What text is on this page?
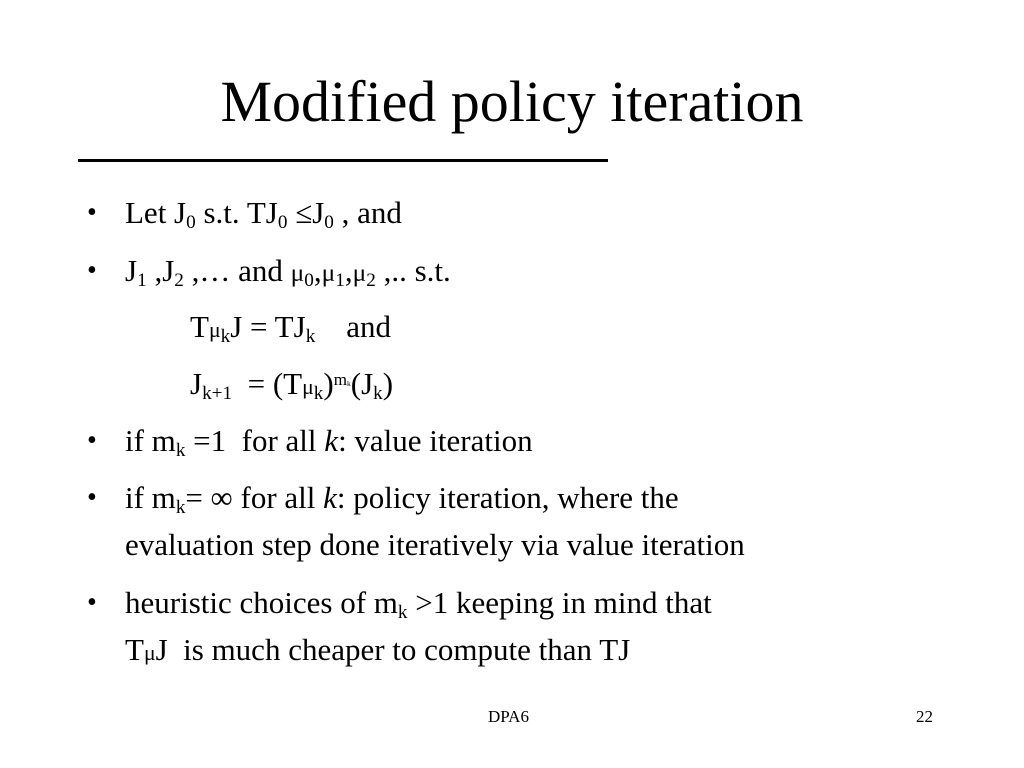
Modified policy iteration
• Let $J_0$ s.t. $TJ_0 \le J_0$ , and
• $J_1$ $,J_2$ ,… and $\mu_0,\mu_1,\mu_2$ ,.. s.t.
$T\mu_kJ = TJ_k$    and
$J_{k+1} = (T\mu_k)^{mk}(J_k)$
• if $m_k =1$  for all k: value iteration
• if $m_k=$ ∞ for all k: policy iteration, where the
evaluation step done iteratively via value iteration
• heuristic choices of $m_k >1$ keeping in mind that
TμJ  is much cheaper to compute than TJ
DPA6	22
